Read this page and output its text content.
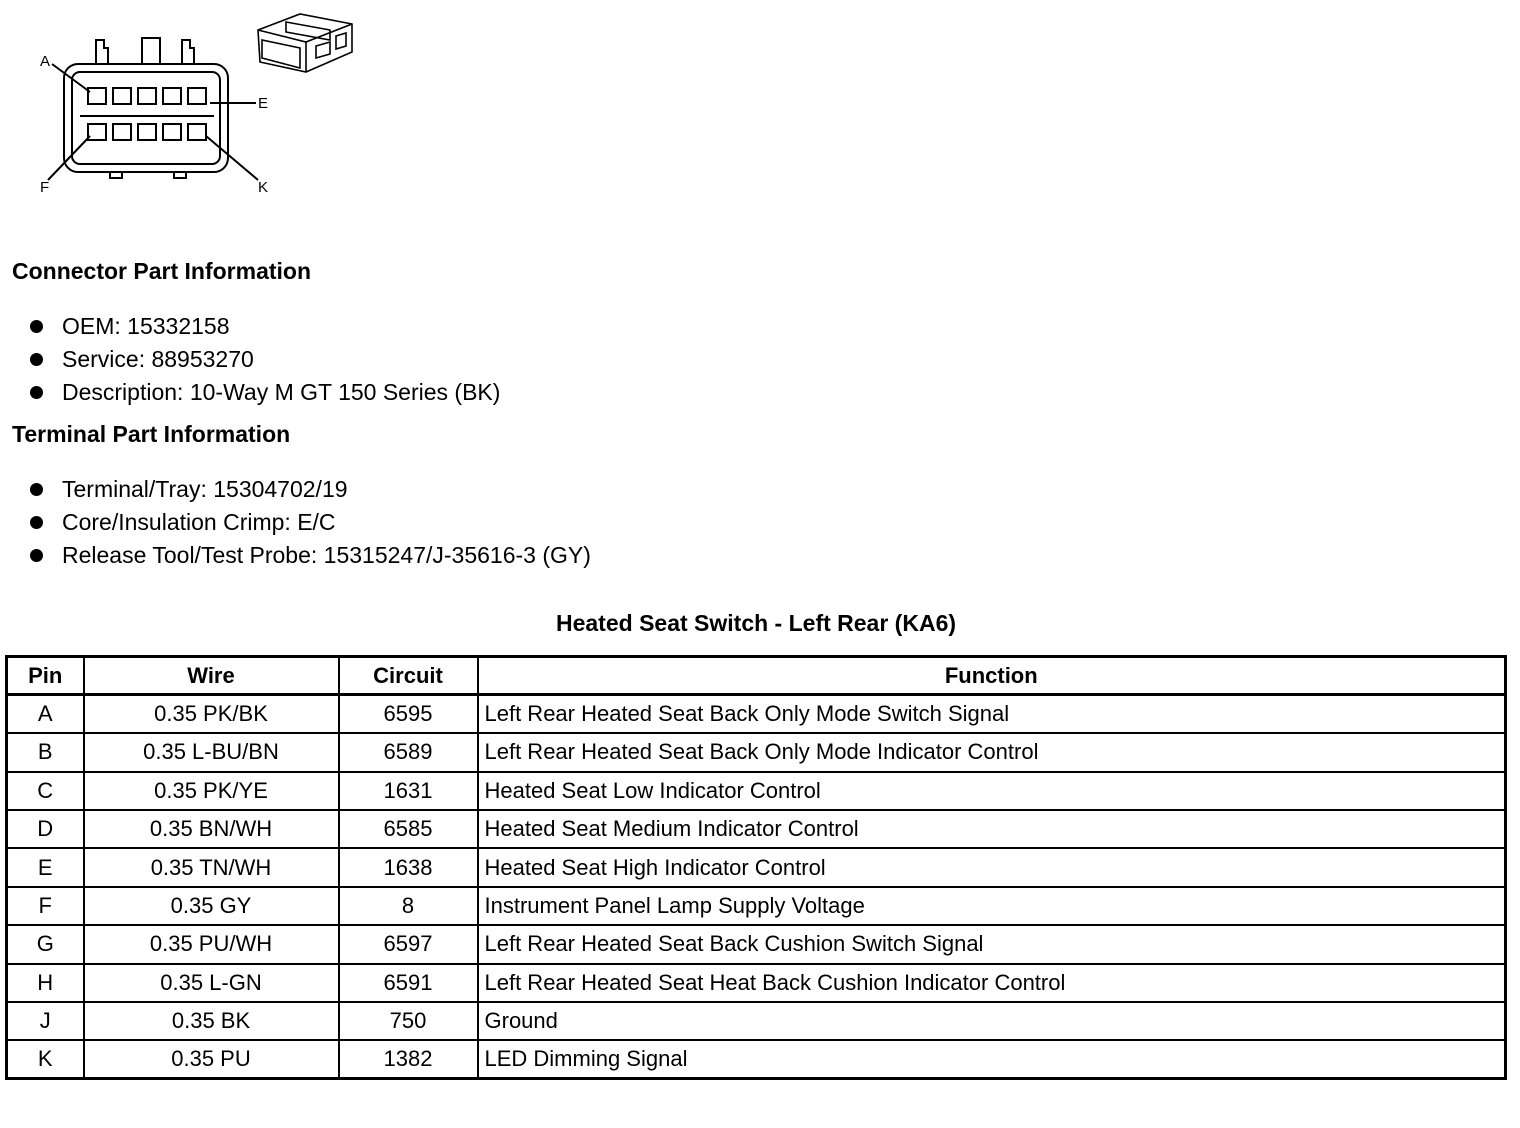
A
E
F	K
Connector Part Information
OEM: 15332158
Service: 88953270
Description: 10-Way M GT 150 Series (BK)
Terminal Part Information
Terminal/Tray: 15304702/19
Core/Insulation Crimp: E/C
Release Tool/Test Probe: 15315247/J-35616-3 (GY)
Heated Seat Switch - Left Rear (KA6)
Pin	Wire	Circuit	Function
A	0.35 PK/BK	6595	Left Rear Heated Seat Back Only Mode Switch Signal
B	0.35 L-BU/BN	6589	Left Rear Heated Seat Back Only Mode Indicator Control
C	0.35 PK/YE	1631	Heated Seat Low Indicator Control
D	0.35 BN/WH	6585	Heated Seat Medium Indicator Control
E	0.35 TN/WH	1638	Heated Seat High Indicator Control
F	0.35 GY	8	Instrument Panel Lamp Supply Voltage
G	0.35 PU/WH	6597	Left Rear Heated Seat Back Cushion Switch Signal
H	0.35 L-GN	6591	Left Rear Heated Seat Heat Back Cushion Indicator Control
J	0.35 BK	750	Ground
K	0.35 PU	1382	LED Dimming Signal
